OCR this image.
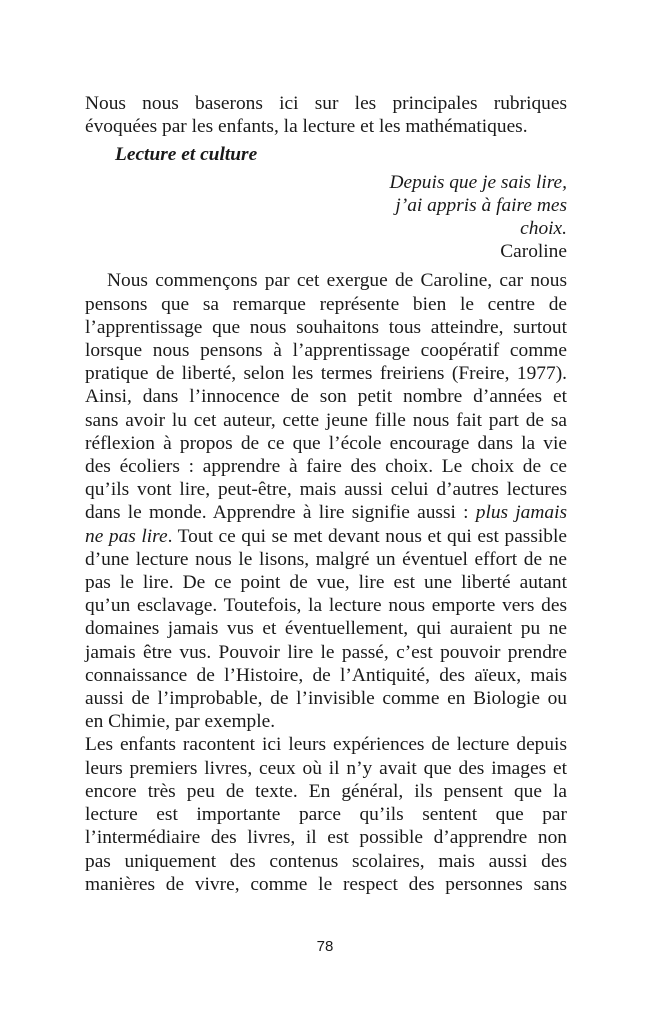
Nous nous baserons ici sur les principales rubriques
évoquées par les enfants, la lecture et les mathématiques.
Lecture et culture
Depuis que je sais lire,
j’ai appris à faire mes
choix.
Caroline
Nous commençons par cet exergue de Caroline, car nous
pensons que sa remarque représente bien le centre de
l’apprentissage que nous souhaitons tous atteindre, surtout
lorsque nous pensons à l’apprentissage coopératif comme
pratique de liberté, selon les termes freiriens (Freire, 1977).
Ainsi, dans l’innocence de son petit nombre d’années et
sans avoir lu cet auteur, cette jeune fille nous fait part de sa
réflexion à propos de ce que l’école encourage dans la vie
des écoliers : apprendre à faire des choix. Le choix de ce
qu’ils vont lire, peut-être, mais aussi celui d’autres lectures
dans le monde. Apprendre à lire signifie aussi : plus jamais
ne pas lire. Tout ce qui se met devant nous et qui est passible
d’une lecture nous le lisons, malgré un éventuel effort de ne
pas le lire. De ce point de vue, lire est une liberté autant
qu’un esclavage. Toutefois, la lecture nous emporte vers des
domaines jamais vus et éventuellement, qui auraient pu ne
jamais être vus. Pouvoir lire le passé, c’est pouvoir prendre
connaissance de l’Histoire, de l’Antiquité, des aïeux, mais
aussi de l’improbable, de l’invisible comme en Biologie ou
en Chimie, par exemple.
Les enfants racontent ici leurs expériences de lecture depuis
leurs premiers livres, ceux où il n’y avait que des images et
encore très peu de texte. En général, ils pensent que la
lecture est importante parce qu’ils sentent que par
l’intermédiaire des livres, il est possible d’apprendre non
pas uniquement des contenus scolaires, mais aussi des
manières de vivre, comme le respect des personnes sans
78
